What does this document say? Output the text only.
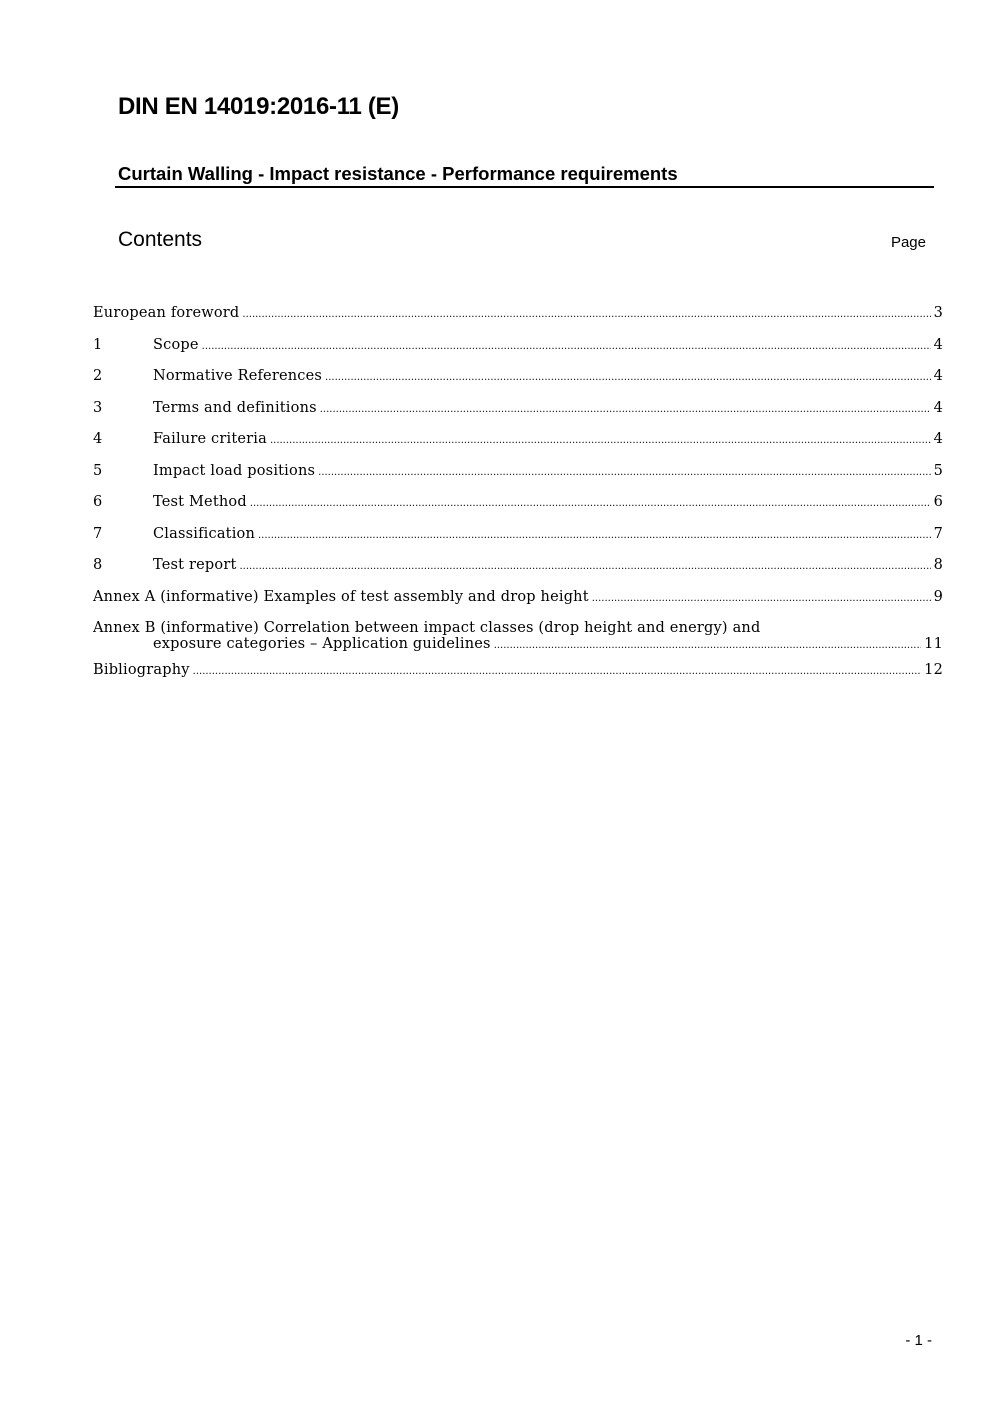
DIN EN 14019:2016-11 (E)
Curtain Walling - Impact resistance - Performance requirements
Contents	Page
European foreword .....	3
1	Scope .....	4
2	Normative References .....	4
3	Terms and definitions .....	4
4	Failure criteria .....	4
5	Impact load positions .....	5
6	Test Method .....	6
7	Classification .....	7
8	Test report .....	8
Annex A (informative) Examples of test assembly and drop height .....	9
Annex B (informative) Correlation between impact classes (drop height and energy) and
exposure categories – Application guidelines .....	11
Bibliography .....	12
- 1 -
